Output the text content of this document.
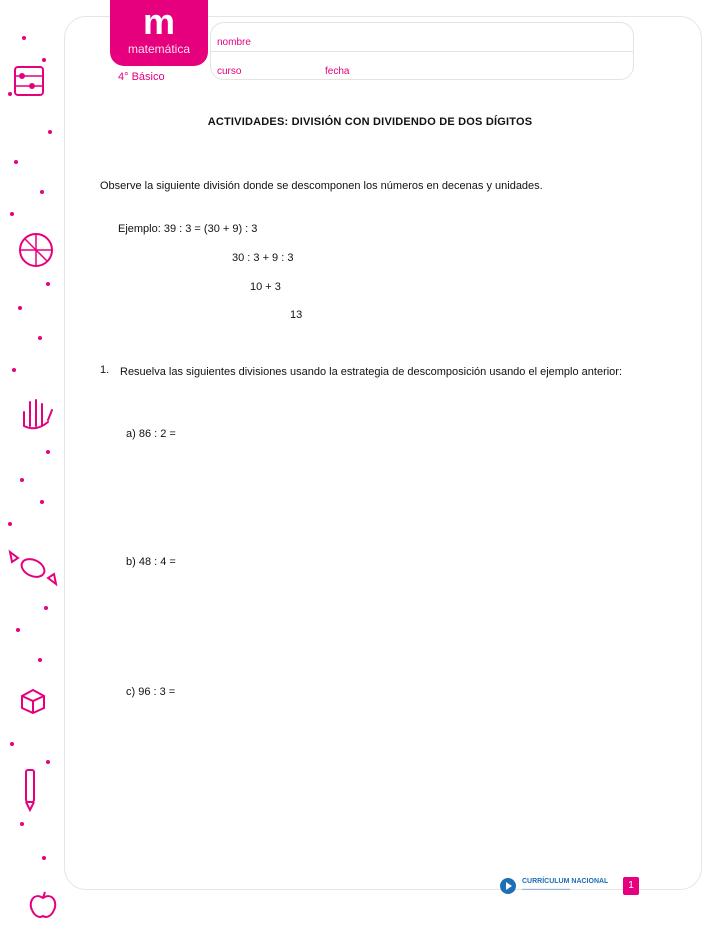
m
matemática
4° Básico
nombre
curso	fecha
ACTIVIDADES: DIVISIÓN CON DIVIDENDO DE DOS DÍGITOS
Observe la siguiente división donde se descomponen los números en decenas y unidades.
Ejemplo: 39 : 3 = (30 + 9) : 3
30 : 3 + 9 : 3
10 + 3
13
1. Resuelva las siguientes divisiones usando la estrategia de descomposición usando el ejemplo anterior:
a) 86 : 2 =
b) 48 : 4 =
c) 96 : 3 =
CURRÍCULUM NACIONAL
━━━━━━━━━━━━━━━━	1
